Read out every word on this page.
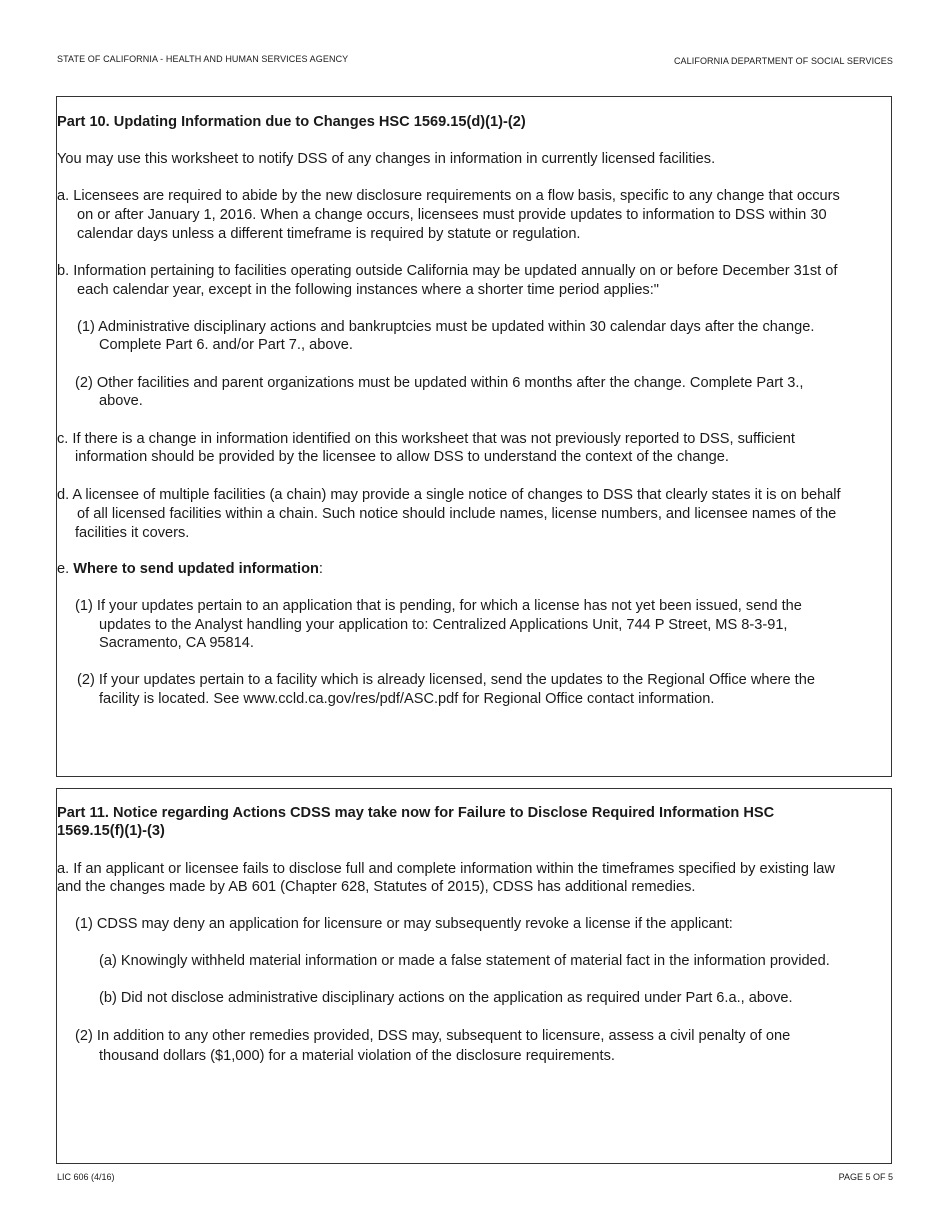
STATE OF CALIFORNIA - HEALTH AND HUMAN SERVICES AGENCY	CALIFORNIA DEPARTMENT OF SOCIAL SERVICES
Part 10. Updating Information due to Changes HSC 1569.15(d)(1)-(2)
You may use this worksheet to notify DSS of any changes in information in currently licensed facilities.
a. Licensees are required to abide by the new disclosure requirements on a flow basis, specific to any change that occurs
on or after January 1, 2016. When a change occurs, licensees must provide updates to information to DSS within 30
calendar days unless a different timeframe is required by statute or regulation.
b. Information pertaining to facilities operating outside California may be updated annually on or before December 31st of
each calendar year, except in the following instances where a shorter time period applies:"
(1) Administrative disciplinary actions and bankruptcies must be updated within 30 calendar days after the change.
Complete Part 6. and/or Part 7., above.
(2) Other facilities and parent organizations must be updated within 6 months after the change. Complete Part 3.,
above.
c. If there is a change in information identified on this worksheet that was not previously reported to DSS, sufficient
information should be provided by the licensee to allow DSS to understand the context of the change.
d. A licensee of multiple facilities (a chain) may provide a single notice of changes to DSS that clearly states it is on behalf
of all licensed facilities within a chain. Such notice should include names, license numbers, and licensee names of the
facilities it covers.
e. Where to send updated information:
(1) If your updates pertain to an application that is pending, for which a license has not yet been issued, send the
updates to the Analyst handling your application to: Centralized Applications Unit, 744 P Street, MS 8-3-91,
Sacramento, CA 95814.
(2) If your updates pertain to a facility which is already licensed, send the updates to the Regional Office where the
facility is located. See www.ccld.ca.gov/res/pdf/ASC.pdf for Regional Office contact information.
Part 11. Notice regarding Actions CDSS may take now for Failure to Disclose Required Information HSC
1569.15(f)(1)-(3)
a. If an applicant or licensee fails to disclose full and complete information within the timeframes specified by existing law
and the changes made by AB 601 (Chapter 628, Statutes of 2015), CDSS has additional remedies.
(1) CDSS may deny an application for licensure or may subsequently revoke a license if the applicant:
(a) Knowingly withheld material information or made a false statement of material fact in the information provided.
(b) Did not disclose administrative disciplinary actions on the application as required under Part 6.a., above.
(2) In addition to any other remedies provided, DSS may, subsequent to licensure, assess a civil penalty of one
thousand dollars ($1,000) for a material violation of the disclosure requirements.
LIC 606 (4/16)	PAGE 5 OF 5
